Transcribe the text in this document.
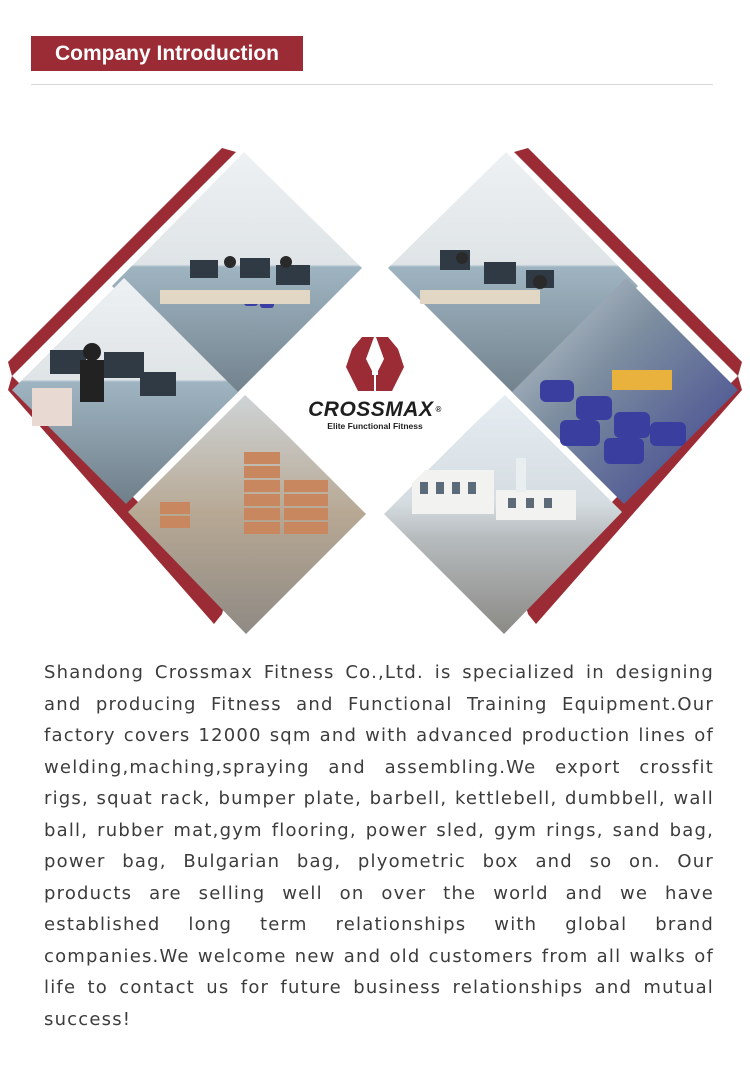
Company Introduction
CROSSMAX ®
Elite Functional Fitness

Shandong Crossmax Fitness Co.,Ltd. is specialized in designing and producing Fitness and Functional Training Equipment.Our factory covers 12000 sqm and with advanced production lines of welding,maching,spraying and assembling.We export crossfit rigs, squat rack, bumper plate, barbell, kettlebell, dumbbell, wall ball, rubber mat,gym flooring, power sled, gym rings, sand bag, power bag, Bulgarian bag, plyometric box and so on. Our products are selling well on over the world and we have established long term relationships with global brand companies.We welcome new and old customers from all walks of life to contact us for future business relationships and mutual success!
